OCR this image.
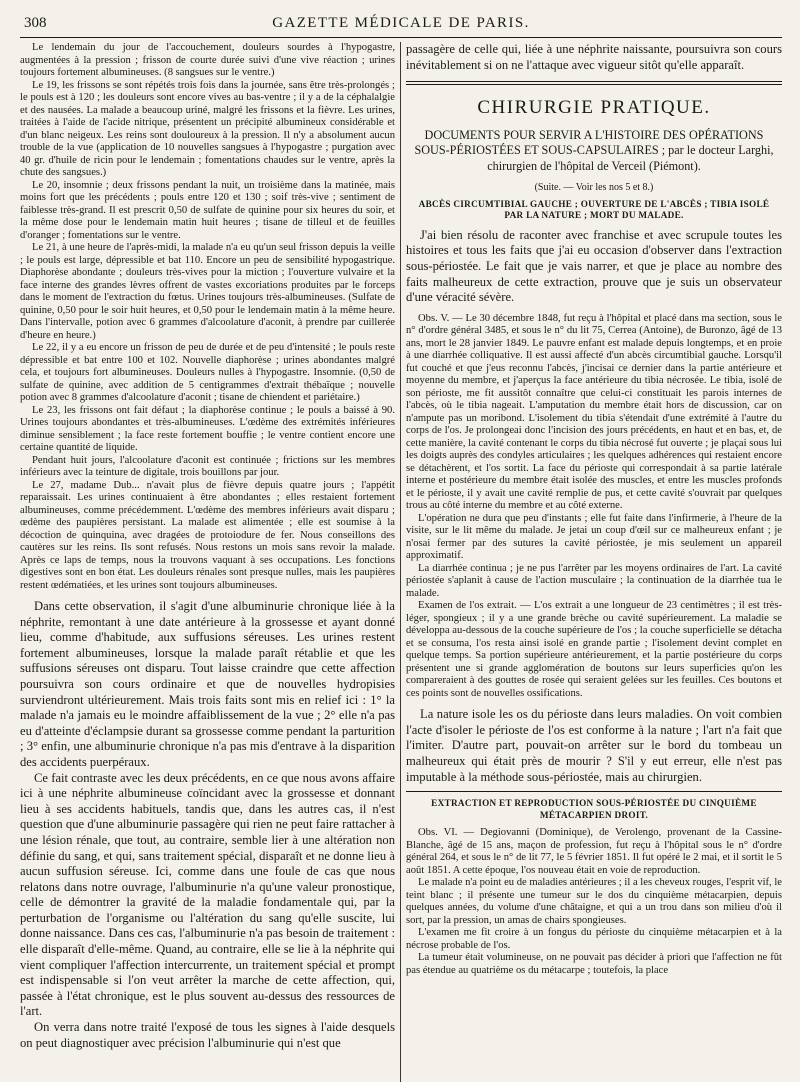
308	GAZETTE MÉDICALE DE PARIS.

Le lendemain du jour de l'accouchement, douleurs sourdes à l'hypogastre, augmentées à la pression ; frisson de courte durée suivi d'une vive réaction ; urines toujours fortement albumineuses. (8 sangsues sur le ventre.)

Le 19, les frissons se sont répétés trois fois dans la journée, sans être très-prolongés ; le pouls est à 120 ; les douleurs sont encore vives au bas-ventre ; il y a de la céphalalgie et des nausées. La malade a beaucoup uriné, malgré les frissons et la fièvre. Les urines, traitées à l'aide de l'acide nitrique, présentent un précipité albumineux considérable et d'un blanc neigeux. Les reins sont douloureux à la pression. Il n'y a absolument aucun trouble de la vue (application de 10 nouvelles sangsues à l'hypogastre ; purgation avec 40 gr. d'huile de ricin pour le lendemain ; fomentations chaudes sur le ventre, après la chute des sangsues.)

Le 20, insomnie ; deux frissons pendant la nuit, un troisième dans la matinée, mais moins fort que les précédents ; pouls entre 120 et 130 ; soif très-vive ; sentiment de faiblesse très-grand. Il est prescrit 0,50 de sulfate de quinine pour six heures du soir, et la même dose pour le lendemain matin huit heures ; tisane de tilleul et de feuilles d'oranger ; fomentations sur le ventre.

Le 21, à une heure de l'après-midi, la malade n'a eu qu'un seul frisson depuis la veille ; le pouls est large, dépressible et bat 110. Encore un peu de sensibilité hypogastrique. Diaphorèse abondante ; douleurs très-vives pour la miction ; l'ouverture vulvaire et la face interne des grandes lèvres offrent de vastes excoriations produites par le forceps dans le moment de l'extraction du fœtus. Urines toujours très-albumineuses. (Sulfate de quinine, 0,50 pour le soir huit heures, et 0,50 pour le lendemain matin à la même heure. Dans l'intervalle, potion avec 6 grammes d'alcoolature d'aconit, à prendre par cuillerée d'heure en heure.)

Le 22, il y a eu encore un frisson de peu de durée et de peu d'intensité ; le pouls reste dépressible et bat entre 100 et 102. Nouvelle diaphorèse ; urines abondantes malgré cela, et toujours fort albumineuses. Douleurs nulles à l'hypogastre. Insomnie. (0,50 de sulfate de quinine, avec addition de 5 centigrammes d'extrait thébaïque ; nouvelle potion avec 8 grammes d'alcoolature d'aconit ; tisane de chiendent et pariétaire.)

Le 23, les frissons ont fait défaut ; la diaphorèse continue ; le pouls a baissé à 90. Urines toujours abondantes et très-albumineuses. L'œdème des extrémités inférieures diminue sensiblement ; la face reste fortement bouffie ; le ventre contient encore une certaine quantité de liquide.

Pendant huit jours, l'alcoolature d'aconit est continuée ; frictions sur les membres inférieurs avec la teinture de digitale, trois bouillons par jour.

Le 27, madame Dub... n'avait plus de fièvre depuis quatre jours ; l'appétit reparaissait. Les urines continuaient à être abondantes ; elles restaient fortement albumineuses, comme précédemment. L'œdème des membres inférieurs avait disparu ; œdème des paupières persistant. La malade est alimentée ; elle est soumise à la décoction de quinquina, avec dragées de protoiodure de fer. Nous conseillons des cautères sur les reins. Ils sont refusés. Nous restons un mois sans revoir la malade. Après ce laps de temps, nous la trouvons vaquant à ses occupations. Les fonctions digestives sont en bon état. Les douleurs rénales sont presque nulles, mais les paupières restent œdématiées, et les urines sont toujours albumineuses.

Dans cette observation, il s'agit d'une albuminurie chronique liée à la néphrite, remontant à une date antérieure à la grossesse et ayant donné lieu, comme d'habitude, aux suffusions séreuses. Les urines restent fortement albumineuses, lorsque la malade paraît rétablie et que les suffusions séreuses ont disparu. Tout laisse craindre que cette affection poursuivra son cours ordinaire et que de nouvelles hydropisies surviendront ultérieurement. Mais trois faits sont mis en relief ici : 1° la malade n'a jamais eu le moindre affaiblissement de la vue ; 2° elle n'a pas eu d'atteinte d'éclampsie durant sa grossesse comme pendant la parturition ; 3° enfin, une albuminurie chronique n'a pas mis d'entrave à la disparition des accidents puerpéraux.

Ce fait contraste avec les deux précédents, en ce que nous avons affaire ici à une néphrite albumineuse coïncidant avec la grossesse et donnant lieu à ses accidents habituels, tandis que, dans les autres cas, il n'est question que d'une albuminurie passagère qui rien ne peut faire rattacher à une lésion rénale, que tout, au contraire, semble lier à une altération non définie du sang, et qui, sans traitement spécial, disparaît et ne donne lieu à aucun suffusion séreuse. Ici, comme dans une foule de cas que nous relatons dans notre ouvrage, l'albuminurie n'a qu'une valeur pronostique, celle de démontrer la gravité de la maladie fondamentale qui, par la perturbation de l'organisme ou l'altération du sang qu'elle suscite, lui donne naissance. Dans ces cas, l'albuminurie n'a pas besoin de traitement : elle disparaît d'elle-même. Quand, au contraire, elle se lie à la néphrite qui vient compliquer l'affection intercurrente, un traitement spécial et prompt est indispensable si l'on veut arrêter la marche de cette affection, qui, passée à l'état chronique, est le plus souvent au-dessus des ressources de l'art.

On verra dans notre traité l'exposé de tous les signes à l'aide desquels on peut diagnostiquer avec précision l'albuminurie qui n'est que

passagère de celle qui, liée à une néphrite naissante, poursuivra son cours inévitablement si on ne l'attaque avec vigueur sitôt qu'elle apparaît.

CHIRURGIE PRATIQUE.
DOCUMENTS POUR SERVIR A L'HISTOIRE DES OPÉRATIONS SOUS-PÉRIOSTÉES ET SOUS-CAPSULAIRES ; par le docteur Larghi, chirurgien de l'hôpital de Verceil (Piémont).
(Suite. — Voir les nos 5 et 8.)
ABCÈS CIRCUMTIBIAL GAUCHE ; OUVERTURE DE L'ABCÈS ; TIBIA ISOLÉ PAR LA NATURE ; MORT DU MALADE.

J'ai bien résolu de raconter avec franchise et avec scrupule toutes les histoires et tous les faits que j'ai eu occasion d'observer dans l'extraction sous-périostée. Le fait que je vais narrer, et que je place au nombre des faits malheureux de cette extraction, prouve que je suis un observateur d'une véracité sévère.

Obs. V. — Le 30 décembre 1848, fut reçu à l'hôpital et placé dans ma section, sous le n° d'ordre général 3485, et sous le n° du lit 75, Cerrea (Antoine), de Buronzo, âgé de 13 ans, mort le 28 janvier 1849. Le pauvre enfant est malade depuis longtemps, et en proie à une diarrhée colliquative. Il est aussi affecté d'un abcès circumtibial gauche. Lorsqu'il fut couché et que j'eus reconnu l'abcès, j'incisai ce dernier dans la partie antérieure et moyenne du membre, et j'aperçus la face antérieure du tibia nécrosée. Le tibia, isolé de son périoste, me fit aussitôt connaître que celui-ci constituait les parois internes de l'abcès, où le tibia nageait. L'amputation du membre était hors de discussion, car on n'ampute pas un moribond. L'isolement du tibia s'étendait d'une extrémité à l'autre du corps de l'os. Je prolongeai donc l'incision des jours précédents, en haut et en bas, et, de cette manière, la cavité contenant le corps du tibia nécrosé fut ouverte ; je plaçai sous lui les doigts auprès des condyles articulaires ; les quelques adhérences qui restaient encore se détachèrent, et l'os sortit. La face du périoste qui correspondait à sa partie latérale interne et postérieure du membre était isolée des muscles, et entre les muscles profonds et le périoste, il y avait une cavité remplie de pus, et cette cavité s'ouvrait par quelques trous au côté interne du membre et au côté externe.

L'opération ne dura que peu d'instants ; elle fut faite dans l'infirmerie, à l'heure de la visite, sur le lit même du malade. Je jetai un coup d'œil sur ce malheureux enfant ; je n'osai fermer par des sutures la cavité périostée, je mis seulement un appareil approximatif.

La diarrhée continua ; je ne pus l'arrêter par les moyens ordinaires de l'art. La cavité périostée s'aplanit à cause de l'action musculaire ; la continuation de la diarrhée tua le malade.

Examen de l'os extrait. — L'os extrait a une longueur de 23 centimètres ; il est très-léger, spongieux ; il y a une grande brèche ou cavité supérieurement. La maladie se développa au-dessous de la couche supérieure de l'os ; la couche superficielle se détacha et se consuma, l'os resta ainsi isolé en grande partie ; l'isolement devint complet en quelque temps. Sa portion supérieure antérieurement, et la partie postérieure du corps présentent une si grande agglomération de boutons sur leurs superficies qu'on les compareraient à des gouttes de rosée qui seraient gelées sur les feuilles. Ces boutons et ces points sont de nouvelles ossifications.

La nature isole les os du périoste dans leurs maladies. On voit combien l'acte d'isoler le périoste de l'os est conforme à la nature ; l'art n'a fait que l'imiter. D'autre part, pouvait-on arrêter sur le bord du tombeau un malheureux qui était près de mourir ? S'il y eut erreur, elle n'est pas imputable à la méthode sous-périostée, mais au chirurgien.

EXTRACTION ET REPRODUCTION SOUS-PÉRIOSTÉE DU CINQUIÈME MÉTACARPIEN DROIT.

Obs. VI. — Degiovanni (Dominique), de Verolengo, provenant de la Cassine-Blanche, âgé de 15 ans, maçon de profession, fut reçu à l'hôpital sous le n° d'ordre général 264, et sous le n° de lit 77, le 5 février 1851. Il fut opéré le 2 mai, et il sortit le 5 août 1851. A cette époque, l'os nouveau était en voie de reproduction.

Le malade n'a point eu de maladies antérieures ; il a les cheveux rouges, l'esprit vif, le teint blanc ; il présente une tumeur sur le dos du cinquième métacarpien, depuis quelques années, du volume d'une châtaigne, et qui a un trou dans son milieu d'où il sort, par la pression, un amas de chairs spongieuses.

L'examen me fit croire à un fongus du périoste du cinquième métacarpien et à la nécrose probable de l'os.

La tumeur était volumineuse, on ne pouvait pas décider à priori que l'affection ne fût pas étendue au quatrième os du métacarpe ; toutefois, la place
